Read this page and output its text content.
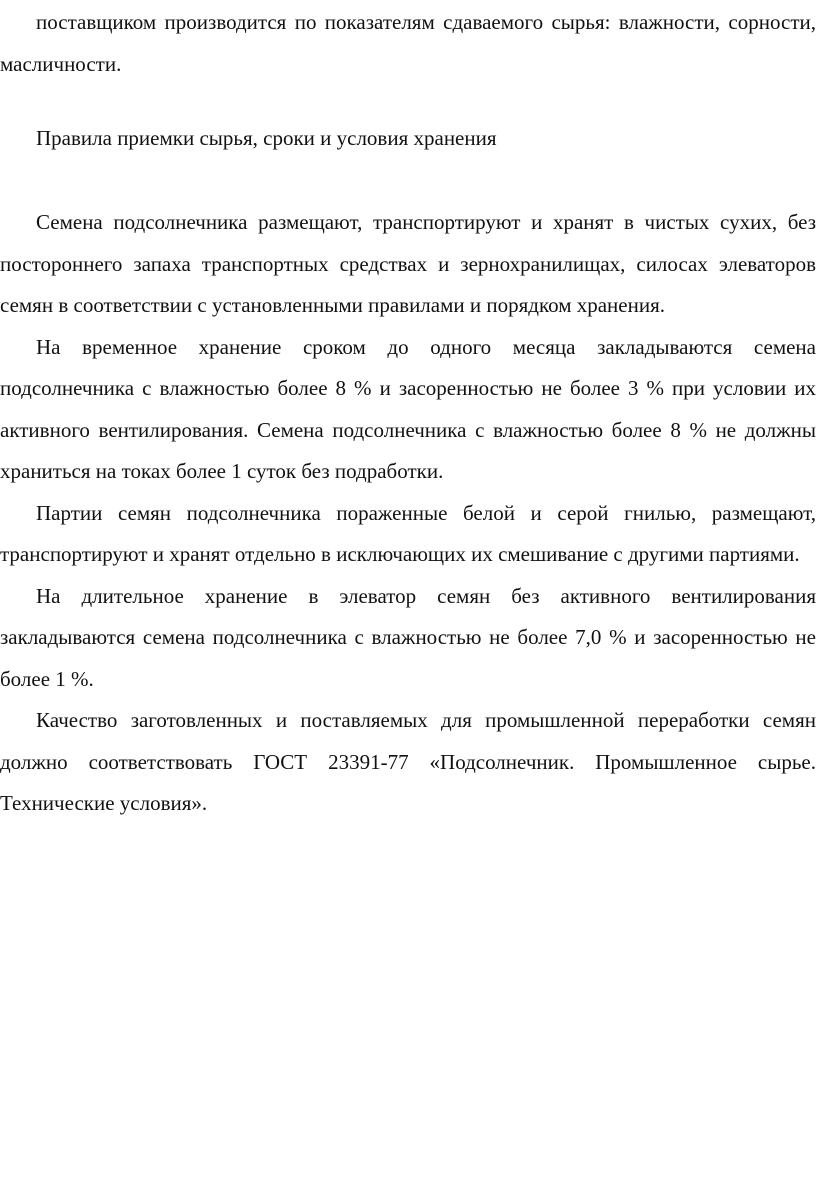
поставщиком производится по показателям сдаваемого сырья: влажности, сорности, масличности.

Правила приемки сырья, сроки и условия хранения

Семена подсолнечника размещают, транспортируют и хранят в чистых сухих, без постороннего запаха транспортных средствах и зернохранилищах, силосах элеваторов семян в соответствии с установленными правилами и порядком хранения.

На временное хранение сроком до одного месяца закладываются семена подсолнечника с влажностью более 8 % и засоренностью не более 3 % при условии их активного вентилирования. Семена подсолнечника с влажностью более 8 % не должны храниться на токах более 1 суток без подработки.

Партии семян подсолнечника пораженные белой и серой гнилью, размещают, транспортируют и хранят отдельно в исключающих их смешивание с другими партиями.

На длительное хранение в элеватор семян без активного вентилирования закладываются семена подсолнечника с влажностью не более 7,0 % и засоренностью не более 1 %.

Качество заготовленных и поставляемых для промышленной переработки семян должно соответствовать ГОСТ 23391-77 «Подсолнечник. Промышленное сырье. Технические условия».
